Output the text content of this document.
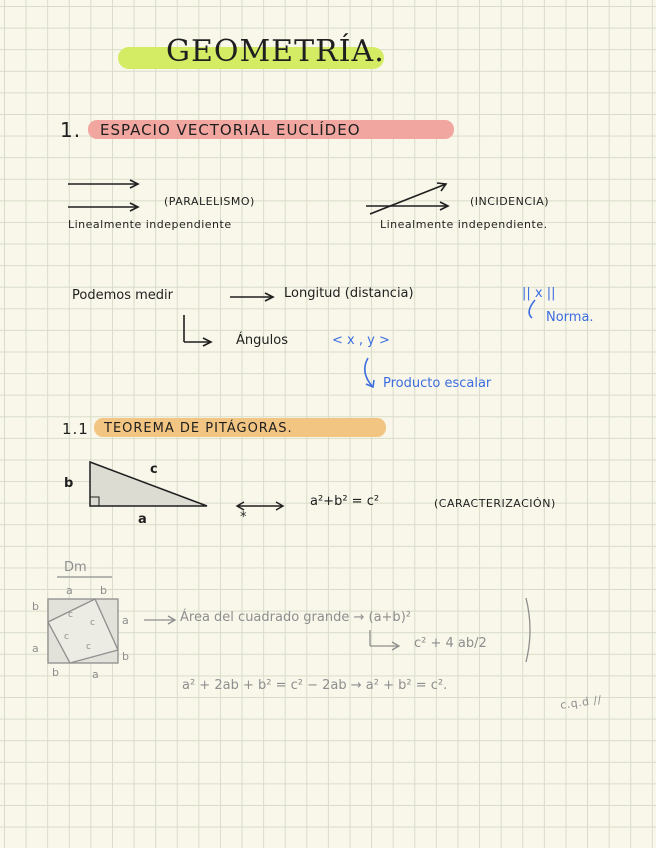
GEOMETRÍA.
1. ESPACIO VECTORIAL EUCLÍDEO
(PARALELISMO)
Linealmente independiente
(INCIDENCIA)
Linealmente independiente.
Podemos medir	Longitud (distancia)	|| x ||
Norma.
Ángulos	< x , y >
Producto escalar
1.1 TEOREMA DE PITÁGORAS.
b
c
a	*
a²+b² = c²	(CARACTERIZACIÓN)
Dm
a b
b
a
a
b
b	a
c
c
c
c
Área del cuadrado grande → (a+b)²
c² + 4 ab/2
a² + 2ab + b² = c² − 2ab → a² + b² = c².
c.q.d //
